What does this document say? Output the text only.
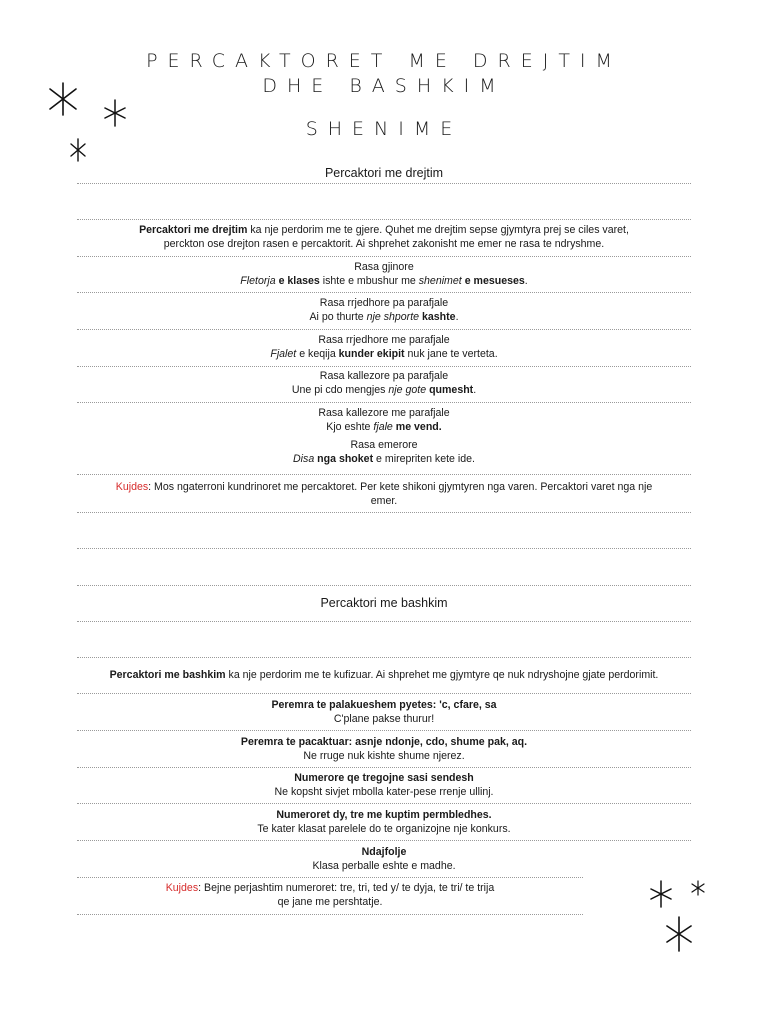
PERCAKTORET ME DREJTIM
DHE BASHKIM
SHENIME
Percaktori me drejtim
Percaktori me drejtim ka nje perdorim me te gjere. Quhet me drejtim sepse gjymtyra prej se ciles varet,
perckton ose drejton rasen e percaktorit. Ai shprehet zakonisht me emer ne rasa te ndryshme.
Rasa gjinore
Fletorja e klases ishte e mbushur me shenimet e mesueses.
Rasa rrjedhore pa parafjale
Ai po thurte nje shporte kashte.
Rasa rrjedhore me parafjale
Fjalet e keqija kunder ekipit nuk jane te verteta.
Rasa kallezore pa parafjale
Une pi cdo mengjes nje gote qumesht.
Rasa kallezore me parafjale
Kjo eshte fjale me vend.
Rasa emerore
Disa nga shoket e mirepriten kete ide.
Kujdes: Mos ngaterroni kundrinoret me percaktoret. Per kete shikoni gjymtyren nga varen. Percaktori varet nga nje
emer.
Percaktori me bashkim
Percaktori me bashkim ka nje perdorim me te kufizuar. Ai shprehet me gjymtyre qe nuk ndryshojne gjate perdorimit.
Peremra te palakueshem pyetes: 'c, cfare, sa
C'plane pakse thurur!
Peremra te pacaktuar: asnje ndonje, cdo, shume pak, aq.
Ne rruge nuk kishte shume njerez.
Numerore qe tregojne sasi sendesh
Ne kopsht sivjet mbolla kater-pese rrenje ullinj.
Numeroret dy, tre me kuptim permbledhes.
Te kater klasat parelele do te organizojne nje konkurs.
Ndajfolje
Klasa perballe eshte e madhe.
Kujdes: Bejne perjashtim numeroret: tre, tri, ted y/ te dyja, te tri/ te trija
qe jane me pershtatje.
